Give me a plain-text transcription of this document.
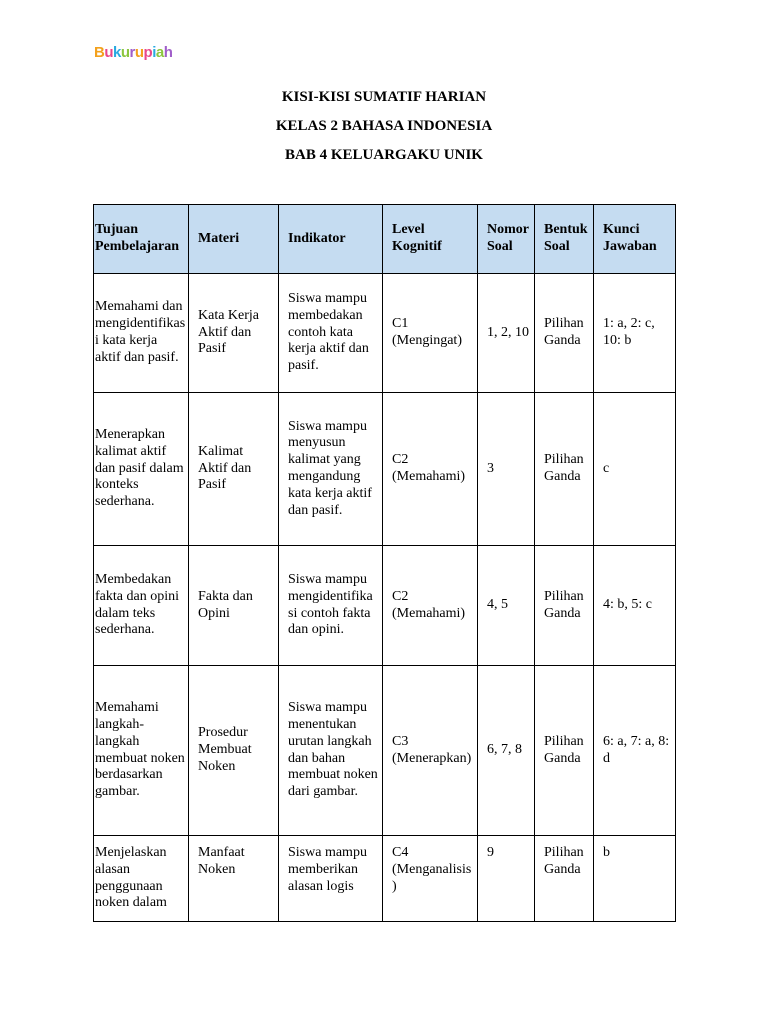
Bukurupiah
KISI-KISI SUMATIF HARIAN
KELAS 2 BAHASA INDONESIA
BAB 4 KELUARGAKU UNIK
Tujuan Pembelajaran	Materi	Indikator	Level Kognitif	Nomor Soal	Bentuk Soal	Kunci Jawaban
Memahami dan mengidentifikasi kata kerja aktif dan pasif.	Kata Kerja Aktif dan Pasif	Siswa mampu membedakan contoh kata kerja aktif dan pasif.	C1 (Mengingat)	1, 2, 10	Pilihan Ganda	1: a, 2: c, 10: b
Menerapkan kalimat aktif dan pasif dalam konteks sederhana.	Kalimat Aktif dan Pasif	Siswa mampu menyusun kalimat yang mengandung kata kerja aktif dan pasif.	C2 (Memahami)	3	Pilihan Ganda	c
Membedakan fakta dan opini dalam teks sederhana.	Fakta dan Opini	Siswa mampu mengidentifikasi contoh fakta dan opini.	C2 (Memahami)	4, 5	Pilihan Ganda	4: b, 5: c
Memahami langkah-langkah membuat noken berdasarkan gambar.	Prosedur Membuat Noken	Siswa mampu menentukan urutan langkah dan bahan membuat noken dari gambar.	C3 (Menerapkan)	6, 7, 8	Pilihan Ganda	6: a, 7: a, 8: d
Menjelaskan alasan penggunaan noken dalam	Manfaat Noken	Siswa mampu memberikan alasan logis	C4 (Menganalisis)	9	Pilihan Ganda	b
